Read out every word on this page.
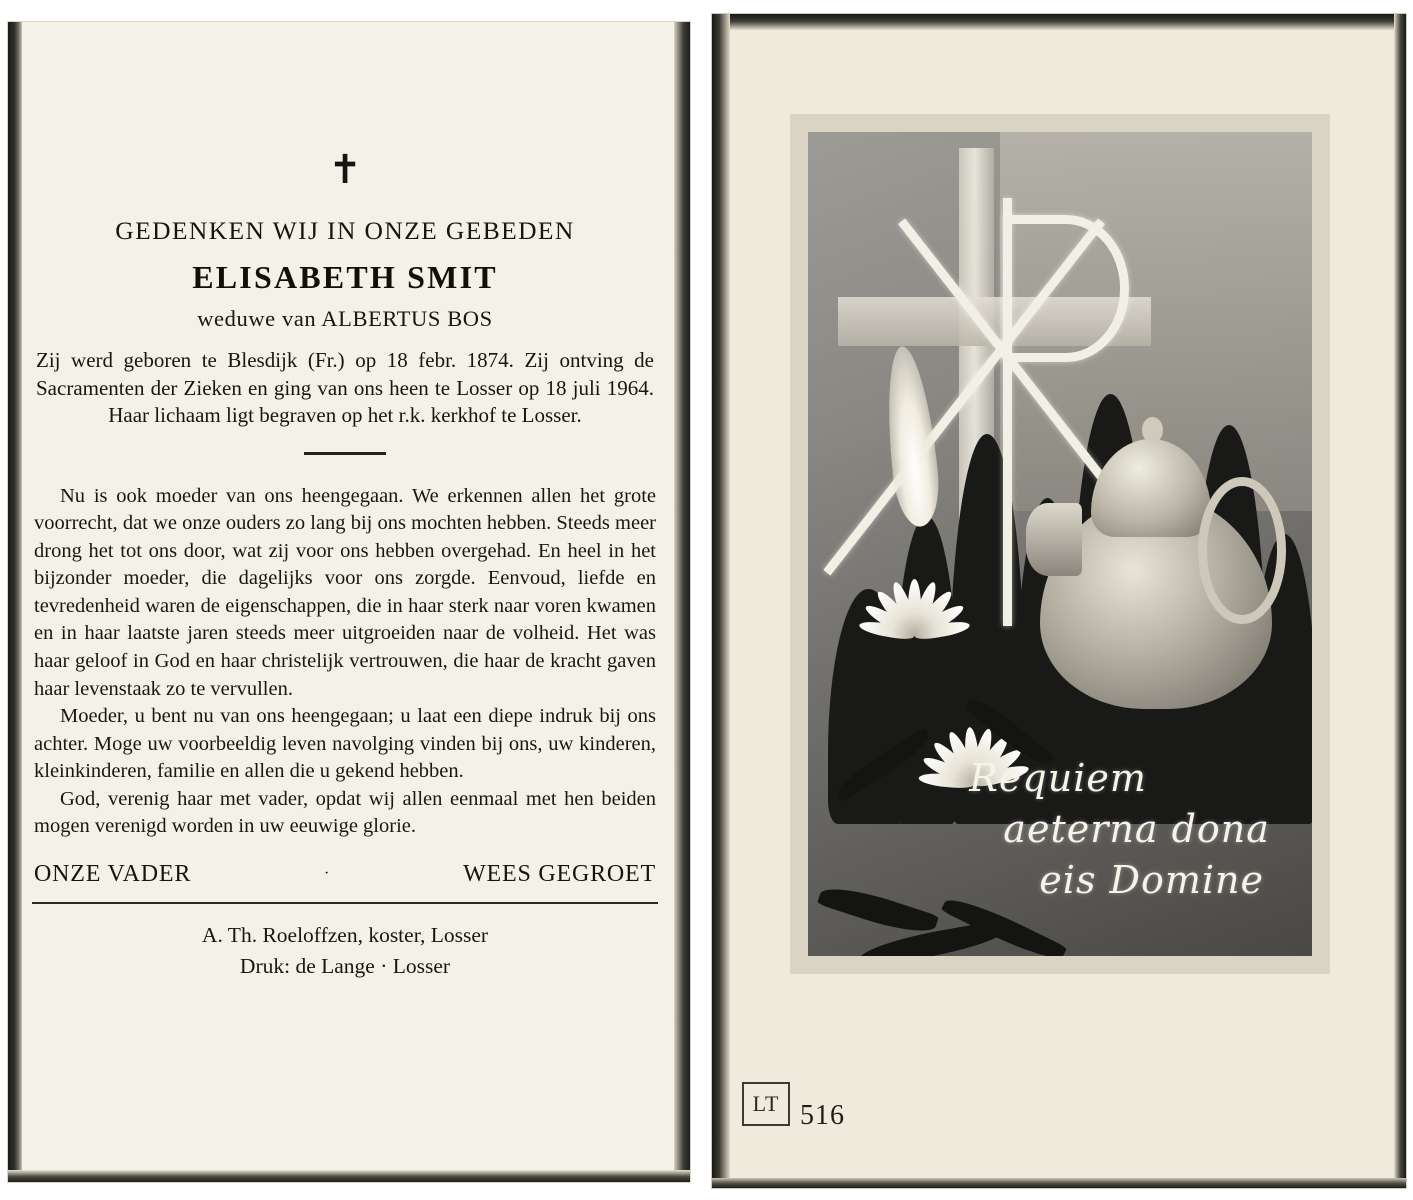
✝
GEDENKEN WIJ IN ONZE GEBEDEN
ELISABETH SMIT
weduwe van ALBERTUS BOS
Zij werd geboren te Blesdijk (Fr.) op 18 febr. 1874. Zij ontving de Sacramenten der Zieken en ging van ons heen te Losser op 18 juli 1964. Haar lichaam ligt begraven op het r.k. kerkhof te Losser.

Nu is ook moeder van ons heengegaan. We erkennen allen het grote voorrecht, dat we onze ouders zo lang bij ons mochten hebben. Steeds meer drong het tot ons door, wat zij voor ons hebben overgehad. En heel in het bijzonder moeder, die dagelijks voor ons zorgde. Eenvoud, liefde en tevredenheid waren de eigenschappen, die in haar sterk naar voren kwamen en in haar laatste jaren steeds meer uitgroeiden naar de volheid. Het was haar geloof in God en haar christelijk vertrouwen, die haar de kracht gaven haar levenstaak zo te vervullen.

Moeder, u bent nu van ons heengegaan; u laat een diepe indruk bij ons achter. Moge uw voorbeeldig leven navolging vinden bij ons, uw kinderen, kleinkinderen, familie en allen die u gekend hebben.

God, verenig haar met vader, opdat wij allen eenmaal met hen beiden mogen verenigd worden in uw eeuwige glorie.

ONZE VADER	·	WEES GEGROET
A. Th. Roeloffzen, koster, Losser
Druk: de Lange · Losser
Requiem
aeterna dona
eis Domine
LT 516
